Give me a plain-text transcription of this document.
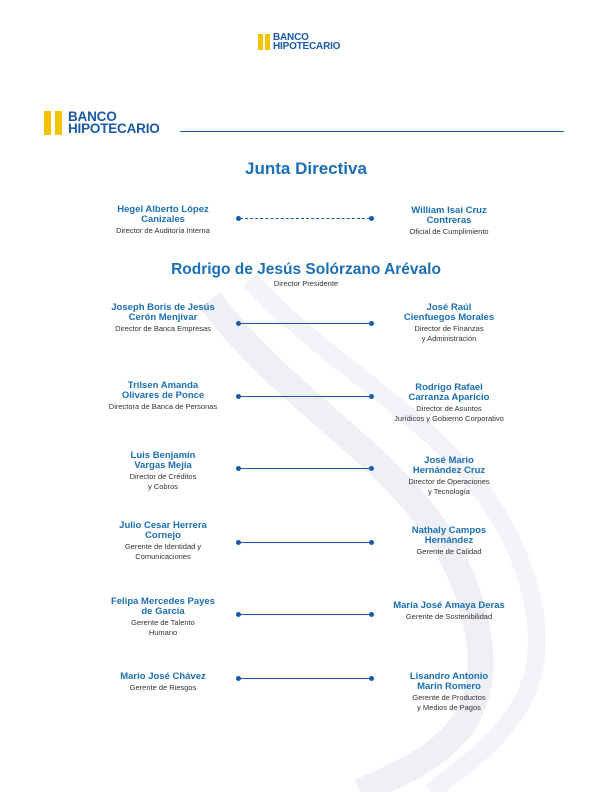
BANCO
HIPOTECARIO
BANCO
HIPOTECARIO
Junta Directiva
Hegel Alberto López
Canizales
Director de Auditoría Interna
William Isaí Cruz
Contreras
Oficial de Cumplimiento
Rodrigo de Jesús Solórzano Arévalo
Director Presidente
Joseph Boris de Jesús
Cerón Menjívar
Director de Banca Empresas
José Raúl
Cienfuegos Morales
Director de Finanzas
y Administración
Trilsen Amanda
Olivares de Ponce
Directora de Banca de Personas
Rodrigo Rafael
Carranza Aparicio
Director de Asuntos
Jurídicos y Gobierno Corporativo
Luis Benjamín
Vargas Mejía
Director de Créditos
y Cobros
José Mario
Hernández Cruz
Director de Operaciones
y Tecnología
Julio Cesar Herrera
Cornejo
Gerente de Identidad y
Comunicaciones
Nathaly Campos
Hernández
Gerente de Calidad
Felipa Mercedes Payes
de García
Gerente de Talento
Humano
María José Amaya Deras
Gerente de Sostenibilidad
Mario José Chávez
Gerente de Riesgos
Lisandro Antonio
Marín Romero
Gerente de Productos
y Medios de Pagos
